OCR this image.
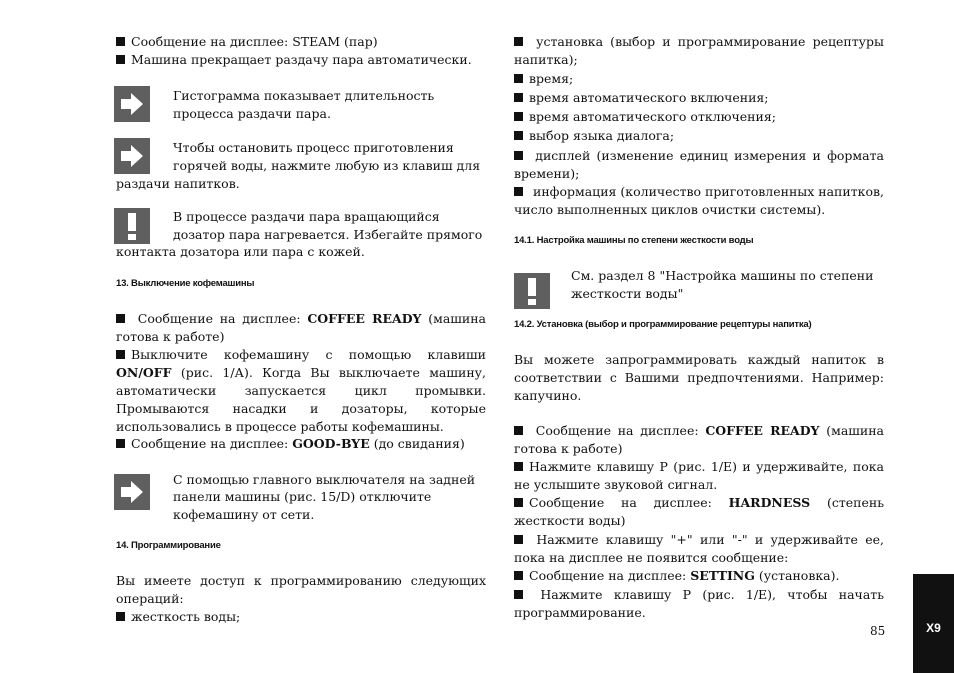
Сообщение на дисплее: STEAM (пар)

Машина прекращает раздачу пара автоматически.

Гистограмма показывает длительность

процесса раздачи пара.

Чтобы остановить процесс приготовления

горячей воды, нажмите любую из клавиш для

раздачи напитков.

В процессе раздачи пара вращающийся

дозатор пара нагревается. Избегайте прямого

контакта дозатора или пара с кожей.

13. Выключение кофемашины

Сообщение на дисплее: COFFEE READY (машина

готова к работе)

Выключите кофемашину с помощью клавиши ON/OFF (рис. 1/А). Когда Вы выключаете машину, автоматически запускается цикл промывки. Промываются насадки и дозаторы, которые использовались в процессе работы кофемашины.

Сообщение на дисплее: GOOD-BYE (до свидания)

С помощью главного выключателя на задней

панели машины (рис. 15/D) отключите

кофемашину от сети.

14. Программирование

Вы имеете доступ к программированию следующих операций:

жесткость воды;

установка (выбор и программирование рецептуры напитка);

время;

время автоматического включения;

время автоматического отключения;

выбор языка диалога;

дисплей (изменение единиц измерения и формата времени);
информация (количество приготовленных напитков, число выполненных циклов очистки системы).

14.1. Настройка машины по степени жесткости воды

См. раздел 8 "Настройка машины по степени

жесткости воды"

14.2. Установка (выбор и программирование рецептуры напитка)

Вы можете запрограммировать каждый напиток в соответствии с Вашими предпочтениями. Например: капучино.

Сообщение на дисплее: COFFEE READY (машина готова к работе)
Нажмите клавишу P (рис. 1/E) и удерживайте, пока не услышите звуковой сигнал.
Сообщение на дисплее: HARDNESS (степень жесткости воды)
Нажмите клавишу "+" или "-" и удерживайте ее, пока на дисплее не появится сообщение:

Сообщение на дисплее: SETTING (установка).

Нажмите клавишу P (рис. 1/E), чтобы начать программирование.
85	X9
